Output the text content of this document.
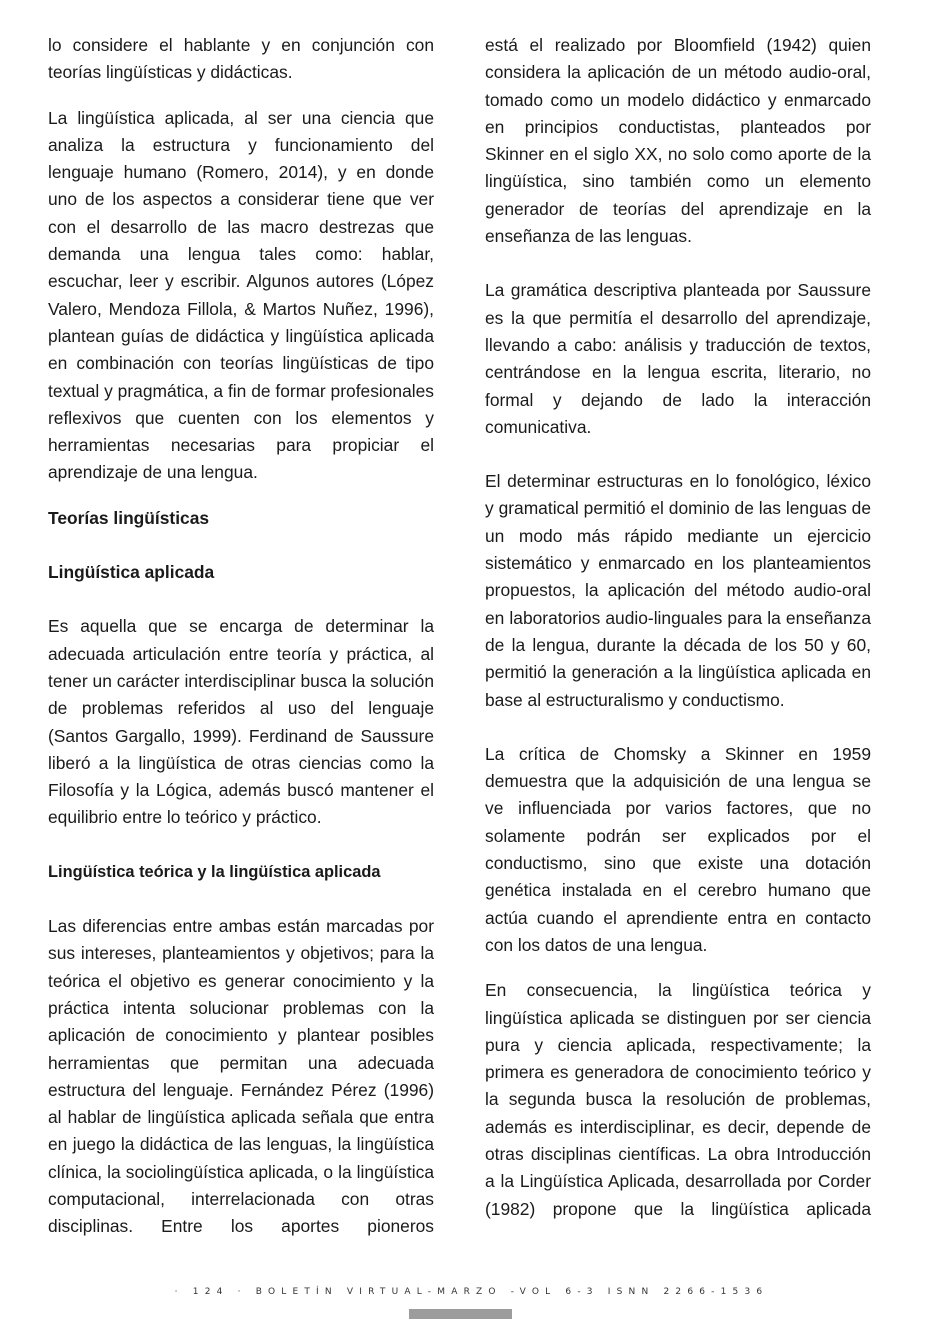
lo considere el hablante y en conjunción con teorías lingüísticas y didácticas.

La lingüística aplicada, al ser una ciencia que analiza la estructura y funcionamiento del lenguaje humano (Romero, 2014), y en donde uno de los aspectos a considerar tiene que ver con el desarrollo de las macro destrezas que demanda una lengua tales como: hablar, escuchar, leer y escribir. Algunos autores (López Valero, Mendoza Fillola, & Martos Nuñez, 1996), plantean guías de didáctica y lingüística aplicada en combinación con teorías lingüísticas de tipo textual y pragmática, a fin de formar profesionales reflexivos que cuenten con los elementos y herramientas necesarias para propiciar el aprendizaje de una lengua.

Teorías lingüísticas
Lingüística aplicada

Es aquella que se encarga de determinar la adecuada articulación entre teoría y práctica, al tener un carácter interdisciplinar busca la solución de problemas referidos al uso del lenguaje (Santos Gargallo, 1999). Ferdinand de Saussure liberó a la lingüística de otras ciencias como la Filosofía y la Lógica, además buscó mantener el equilibrio entre lo teórico y práctico.

Lingüística teórica y la lingüística aplicada

Las diferencias entre ambas están marcadas por sus intereses, planteamientos y objetivos; para la teórica el objetivo es generar conocimiento y la práctica intenta solucionar problemas con la aplicación de conocimiento y plantear posibles herramientas que permitan una adecuada estructura del lenguaje. Fernández Pérez (1996) al hablar de lingüística aplicada señala que entra en juego la didáctica de las lenguas, la lingüística clínica, la sociolingüística aplicada, o la lingüística computacional, interrelacionada con otras disciplinas. Entre los aportes pioneros

está el realizado por Bloomfield (1942) quien considera la aplicación de un método audio-oral, tomado como un modelo didáctico y enmarcado en principios conductistas, planteados por Skinner en el siglo XX, no solo como aporte de la lingüística, sino también como un elemento generador de teorías del aprendizaje en la enseñanza de las lenguas.

La gramática descriptiva planteada por Saussure es la que permitía el desarrollo del aprendizaje, llevando a cabo: análisis y traducción de textos, centrándose en la lengua escrita, literario, no formal y dejando de lado la interacción comunicativa.

El determinar estructuras en lo fonológico, léxico y gramatical permitió el dominio de las lenguas de un modo más rápido mediante un ejercicio sistemático y enmarcado en los planteamientos propuestos, la aplicación del método audio-oral en laboratorios audio-linguales para la enseñanza de la lengua, durante la década de los 50 y 60, permitió la generación a la lingüística aplicada en base al estructuralismo y conductismo.

La crítica de Chomsky a Skinner en 1959 demuestra que la adquisición de una lengua se ve influenciada por varios factores, que no solamente podrán ser explicados por el conductismo, sino que existe una dotación genética instalada en el cerebro humano que actúa cuando el aprendiente entra en contacto con los datos de una lengua.

En consecuencia, la lingüística teórica y lingüística aplicada se distinguen por ser ciencia pura y ciencia aplicada, respectivamente; la primera es generadora de conocimiento teórico y la segunda busca la resolución de problemas, además es interdisciplinar, es decir, depende de otras disciplinas científicas. La obra Introducción a la Lingüística Aplicada, desarrollada por Corder (1982) propone que la lingüística aplicada

· 124 · BOLETÍN VIRTUAL-MARZO -VOL 6-3 ISNN 2266-1536
